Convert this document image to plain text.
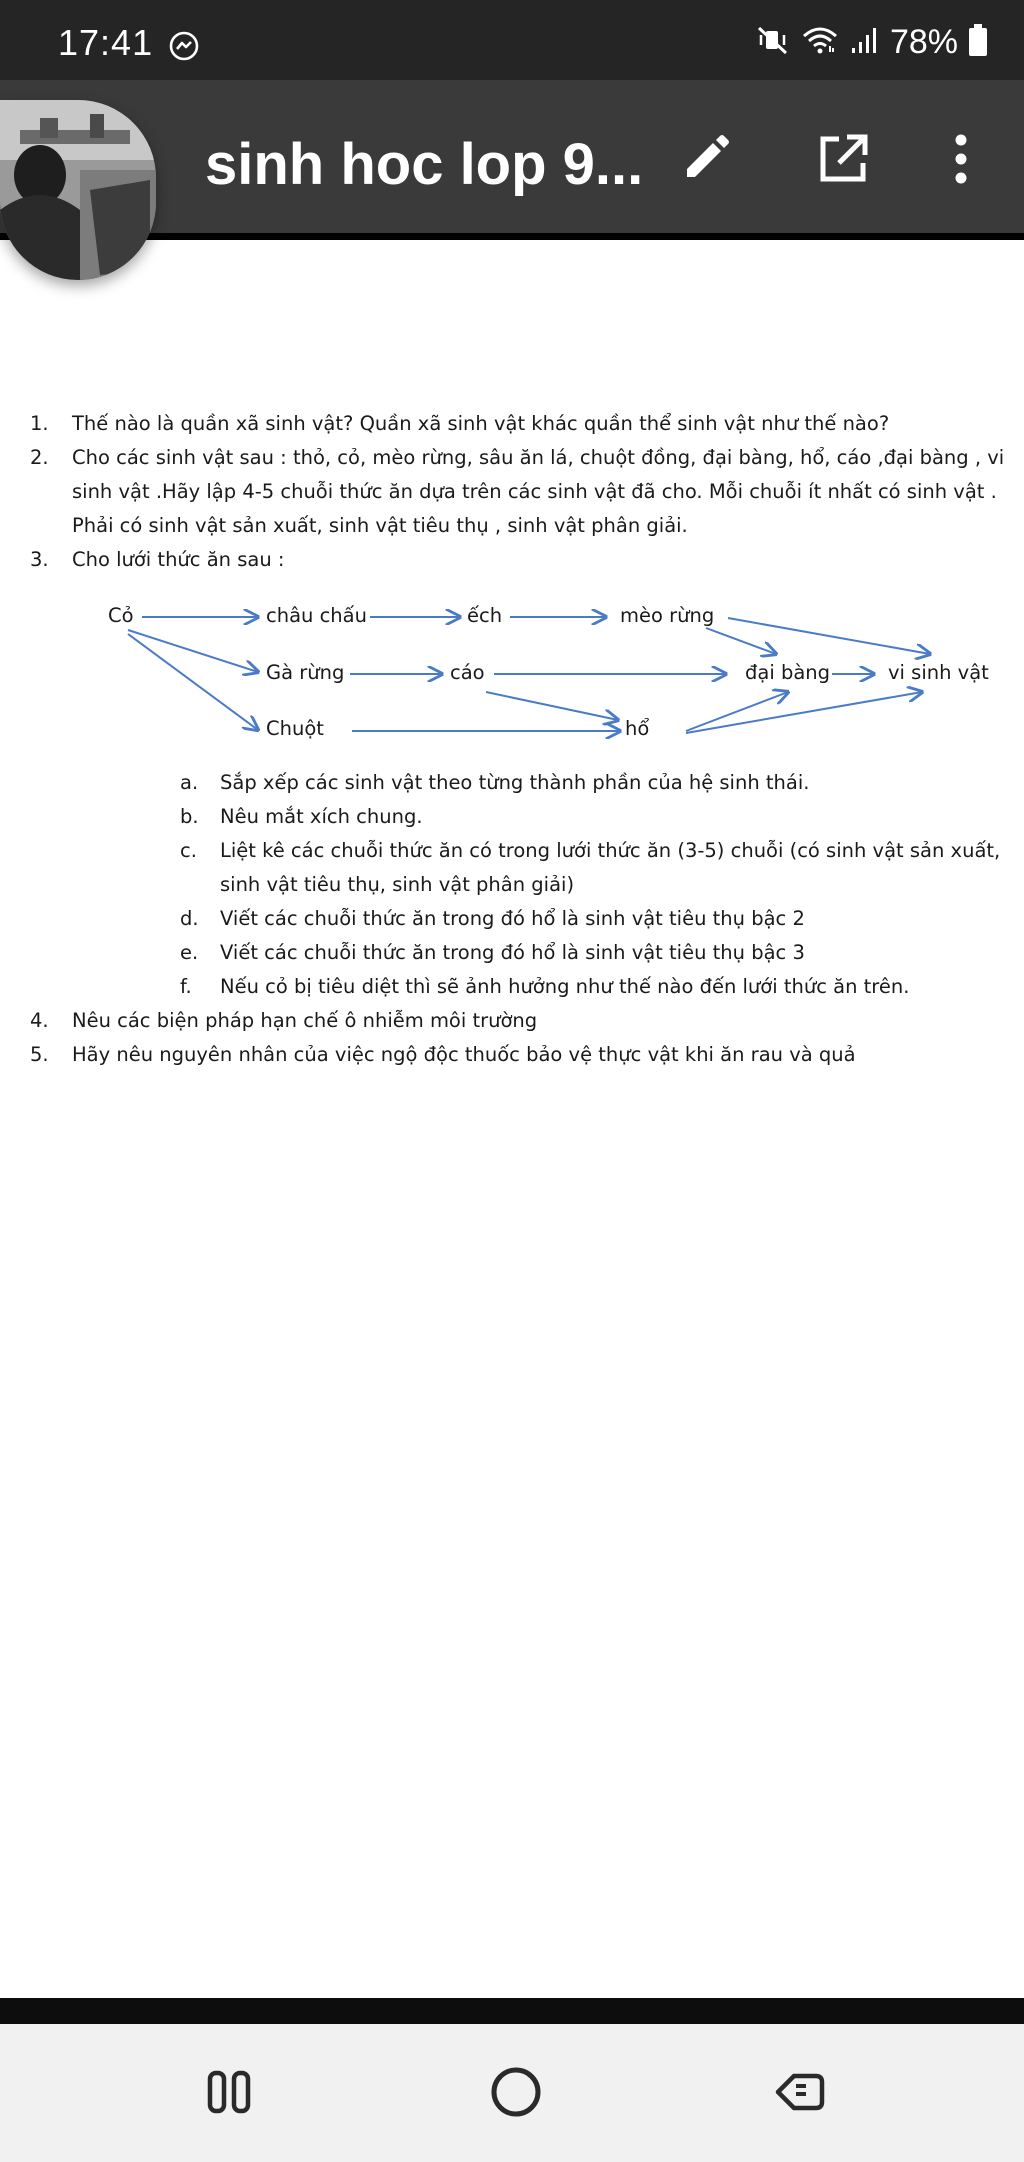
17:41	78%
sinh hoc lop 9...
1. Thế nào là quần xã sinh vật? Quần xã sinh vật khác quần thể sinh vật như thế nào?
2. Cho các sinh vật sau : thỏ, cỏ, mèo rừng, sâu ăn lá, chuột đồng, đại bàng, hổ, cáo ,đại bàng , vi
sinh vật .Hãy lập 4-5 chuỗi thức ăn dựa trên các sinh vật đã cho. Mỗi chuỗi ít nhất có sinh vật .
Phải có sinh vật sản xuất, sinh vật tiêu thụ , sinh vật phân giải.
3. Cho lưới thức ăn sau :
Cỏ	châu chấu	ếch	mèo rừng
Gà rừng	cáo	đại bàng	vi sinh vật
Chuột	hổ
a. Sắp xếp các sinh vật theo từng thành phần của hệ sinh thái.
b. Nêu mắt xích chung.
c. Liệt kê các chuỗi thức ăn có trong lưới thức ăn (3-5) chuỗi (có sinh vật sản xuất,
sinh vật tiêu thụ, sinh vật phân giải)
d. Viết các chuỗi thức ăn trong đó hổ là sinh vật tiêu thụ bậc 2
e. Viết các chuỗi thức ăn trong đó hổ là sinh vật tiêu thụ bậc 3
f. Nếu cỏ bị tiêu diệt thì sẽ ảnh hưởng như thế nào đến lưới thức ăn trên.
4. Nêu các biện pháp hạn chế ô nhiễm môi trường
5. Hãy nêu nguyên nhân của việc ngộ độc thuốc bảo vệ thực vật khi ăn rau và quả
